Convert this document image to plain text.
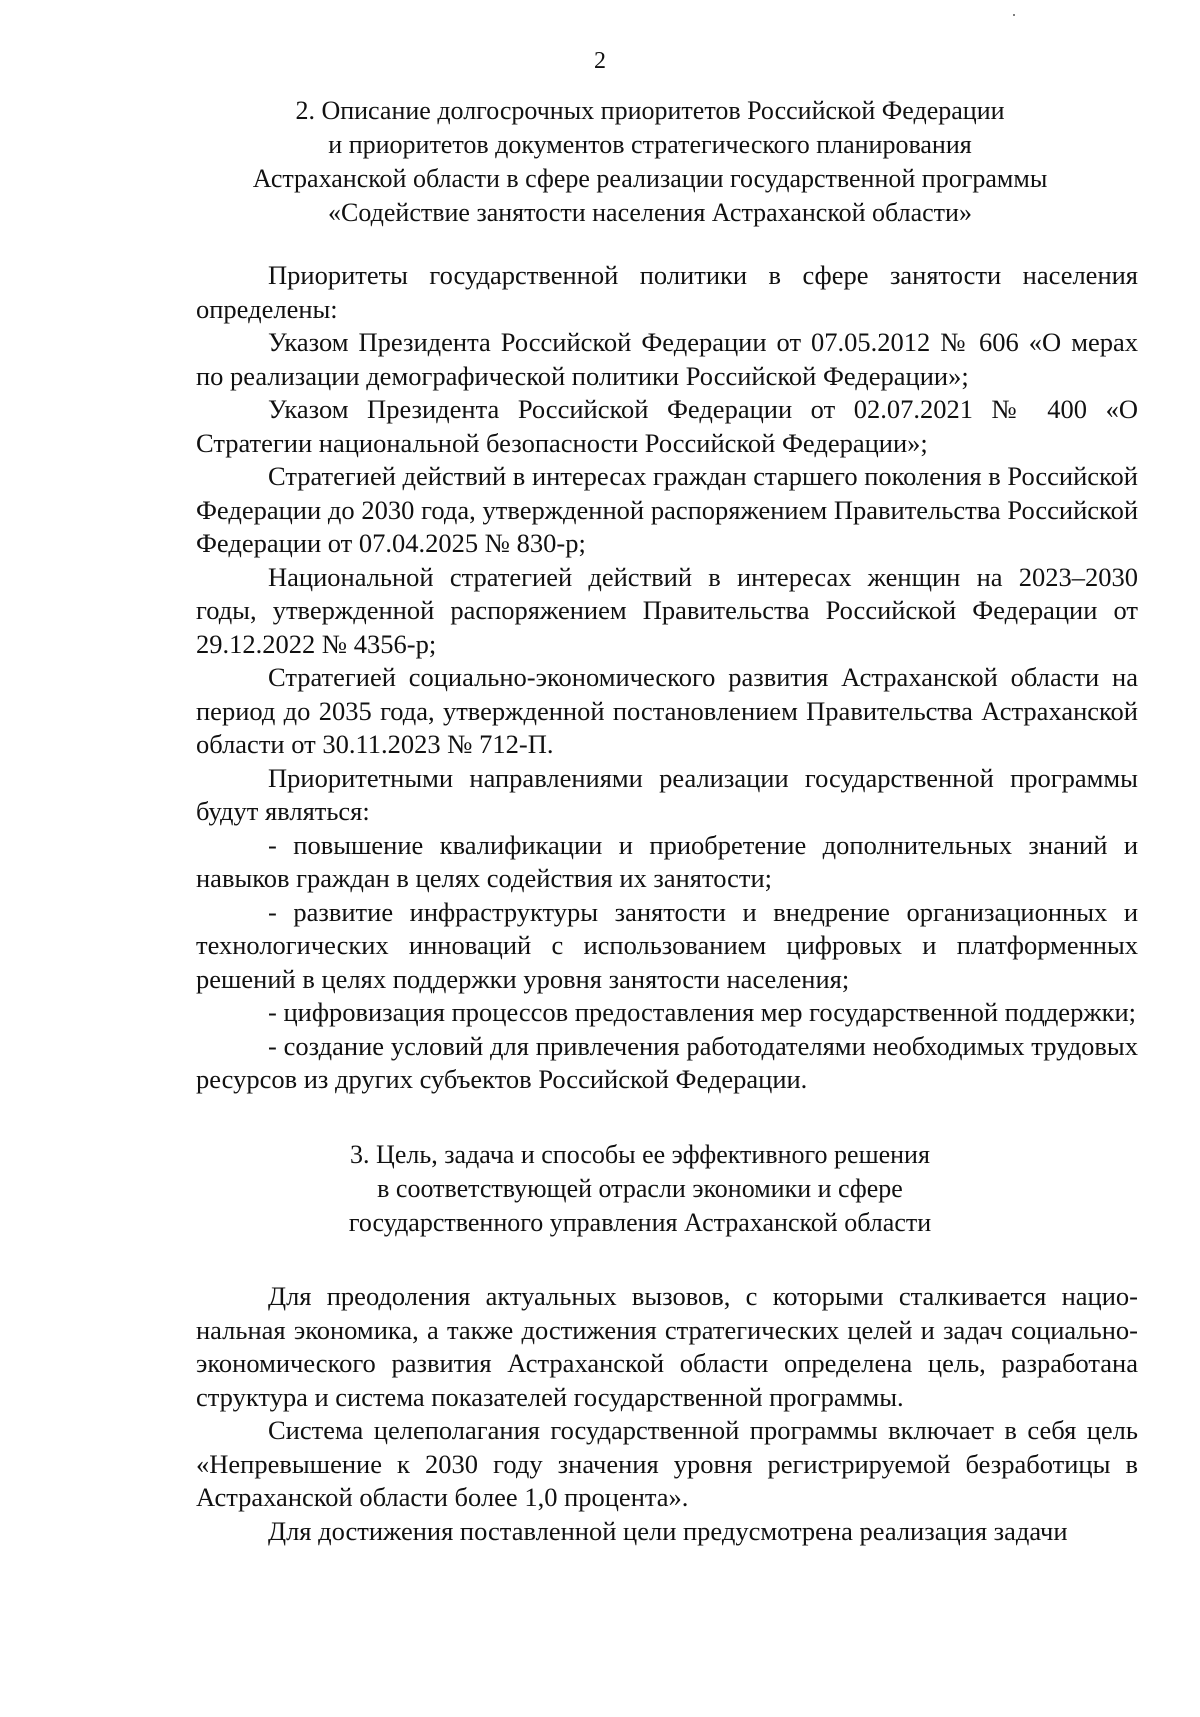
2
2. Описание долгосрочных приоритетов Российской Федерации
и приоритетов документов стратегического планирования
Астраханской области в сфере реализации государственной программы
«Содействие занятости населения Астраханской области»

Приоритеты государственной политики в сфере занятости населения определены:

Указом Президента Российской Федерации от 07.05.2012 № 606 «О мерах по реализации демографической политики Российской Федерации»;

Указом Президента Российской Федерации от 02.07.2021 № 400 «О Стратегии национальной безопасности Российской Федерации»;

Стратегией действий в интересах граждан старшего поколения в Российской Федерации до 2030 года, утвержденной распоряжением Правительства Российской Федерации от 07.04.2025 № 830-р;

Национальной стратегией действий в интересах женщин на 2023–2030 годы, утвержденной распоряжением Правительства Российской Федерации от 29.12.2022 № 4356-р;

Стратегией социально-экономического развития Астраханской области на период до 2035 года, утвержденной постановлением Правительства Астраханской области от 30.11.2023 № 712-П.

Приоритетными направлениями реализации государственной программы будут являться:

- повышение квалификации и приобретение дополнительных знаний и навыков граждан в целях содействия их занятости;

- развитие инфраструктуры занятости и внедрение организационных и технологических инноваций с использованием цифровых и платформенных решений в целях поддержки уровня занятости населения;

- цифровизация процессов предоставления мер государственной поддержки;

- создание условий для привлечения работодателями необходимых трудовых ресурсов из других субъектов Российской Федерации.

3. Цель, задача и способы ее эффективного решения
в соответствующей отрасли экономики и сфере
государственного управления Астраханской области

Для преодоления актуальных вызовов, с которыми сталкивается национальная экономика, а также достижения стратегических целей и задач социально-экономического развития Астраханской области определена цель, разработана структура и система показателей государственной программы.

Система целеполагания государственной программы включает в себя цель «Непревышение к 2030 году значения уровня регистрируемой безработицы в Астраханской области более 1,0 процента».

Для достижения поставленной цели предусмотрена реализация задачи
